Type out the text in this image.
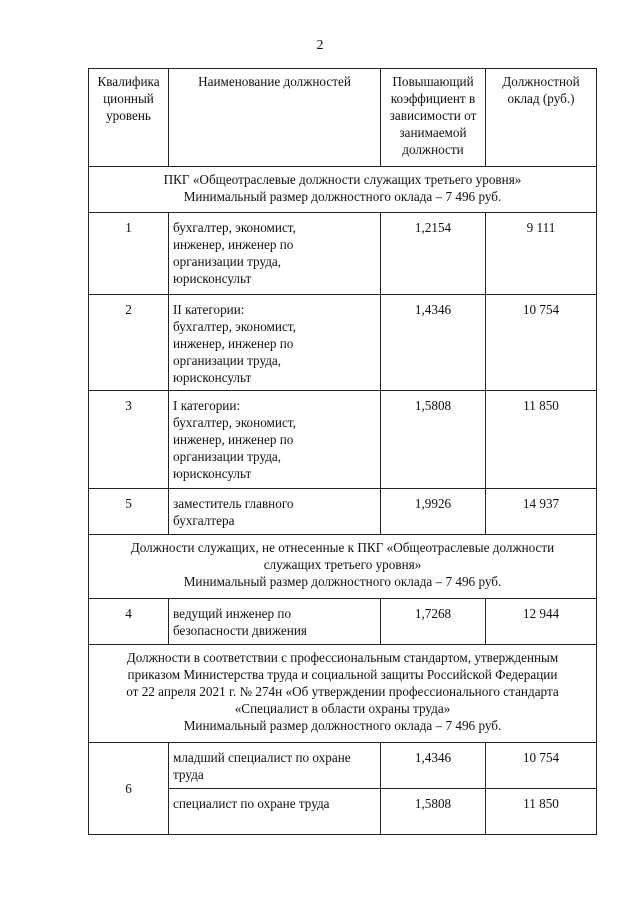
2
Квалифика ционный уровень	Наименование должностей	Повышающий коэффициент в зависимости от занимаемой должности	Должностной оклад (руб.)

ПКГ «Общеотраслевые должности служащих третьего уровня»
Минимальный размер должностного оклада – 7 496 руб.			

1	бухгалтер, экономист,
инженер, инженер по
организации труда,
юрисконсульт	1,2154	9 111
2	II категории:
бухгалтер, экономист,
инженер, инженер по
организации труда,
юрисконсульт	1,4346	10 754
3	I категории:
бухгалтер, экономист,
инженер, инженер по
организации труда,
юрисконсульт	1,5808	11 850
5	заместитель главного
бухгалтера	1,9926	14 937

Должности служащих, не отнесенные к ПКГ «Общеотраслевые должности
служащих третьего уровня»
Минимальный размер должностного оклада – 7 496 руб.			

4	ведущий инженер по
безопасности движения	1,7268	12 944

Должности в соответствии с профессиональным стандартом, утвержденным
приказом Министерства труда и социальной защиты Российской Федерации
от 22 апреля 2021 г. № 274н «Об утверждении профессионального стандарта
«Специалист в области охраны труда»
Минимальный размер должностного оклада – 7 496 руб.			

6	младший специалист по охране
труда	1,4346	10 754

	специалист по охране труда	1,5808	11 850
